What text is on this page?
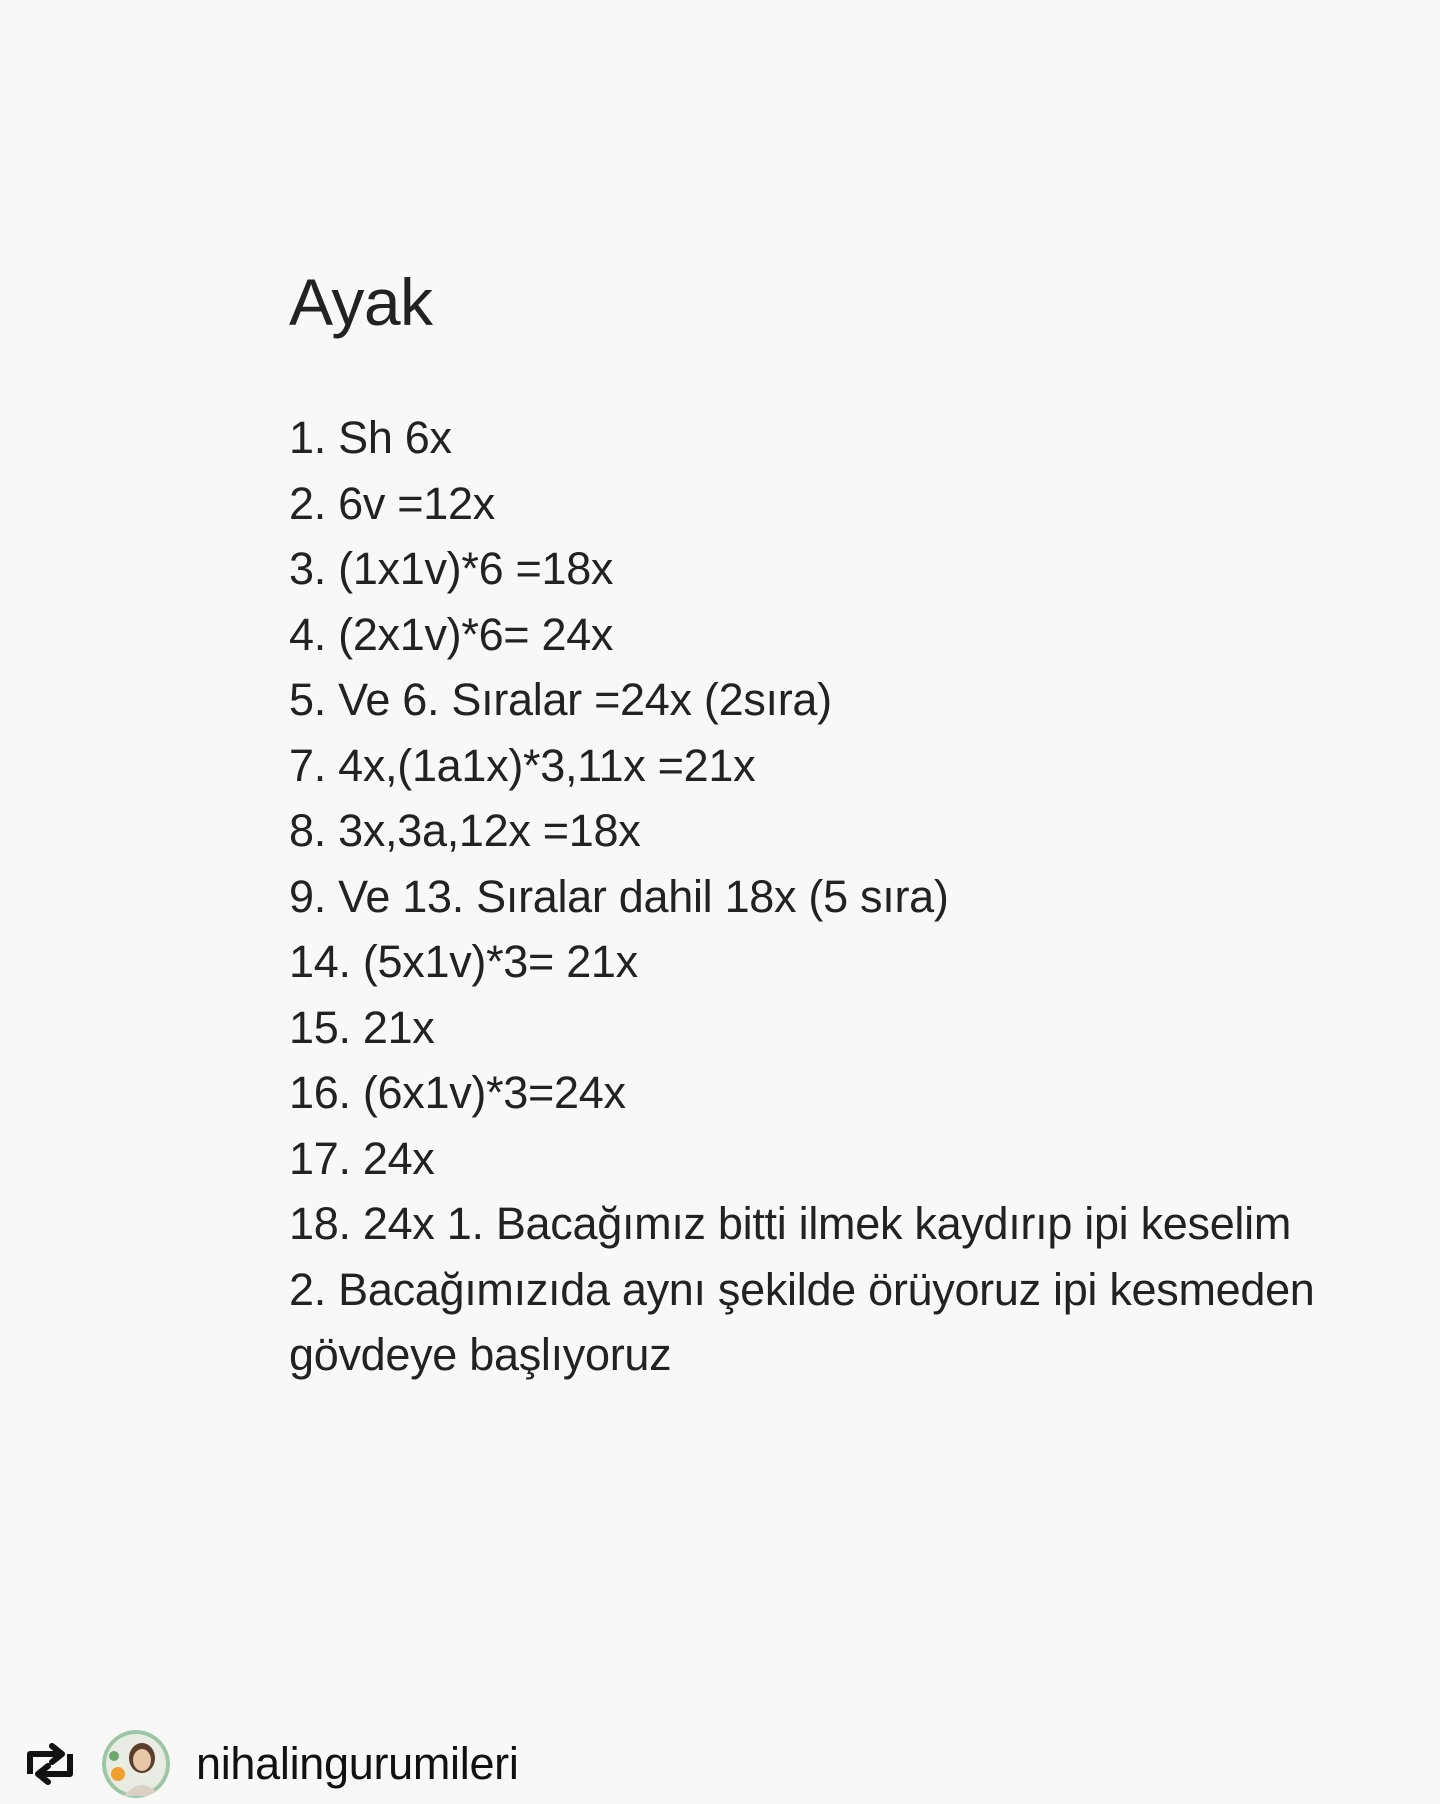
Ayak
1. Sh 6x
2. 6v =12x
3. (1x1v)*6 =18x
4. (2x1v)*6= 24x
5. Ve 6. Sıralar =24x (2sıra)
7. 4x,(1a1x)*3,11x =21x
8. 3x,3a,12x =18x
9. Ve 13. Sıralar dahil 18x (5 sıra)
14. (5x1v)*3= 21x
15. 21x
16. (6x1v)*3=24x
17. 24x
18. 24x 1. Bacağımız bitti ilmek kaydırıp ipi keselim 2. Bacağımızıda aynı şekilde örüyoruz ipi kesmeden gövdeye başlıyoruz
nihalingurumileri
